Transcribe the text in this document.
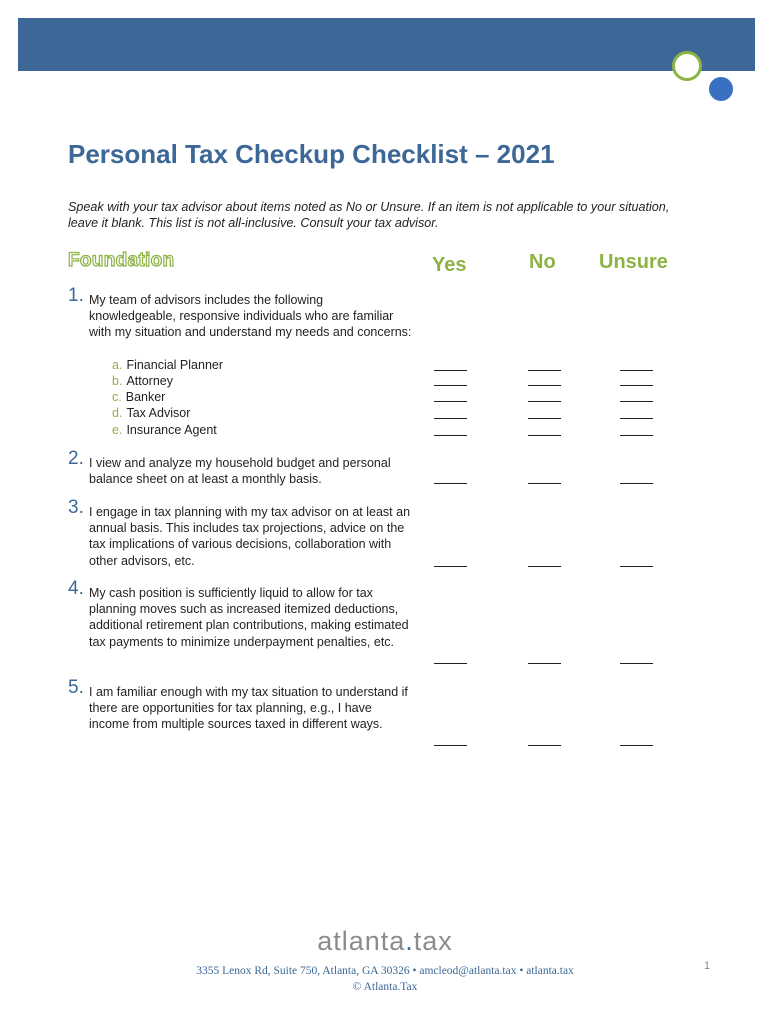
Personal Tax Checkup Checklist – 2021
Speak with your tax advisor about items noted as No or Unsure. If an item is not applicable to your situation, leave it blank. This list is not all-inclusive. Consult your tax advisor.
Foundation	Yes	No Unsure
1. My team of advisors includes the following knowledgeable, responsive individuals who are familiar with my situation and understand my needs and concerns:
a. Financial Planner
b. Attorney
c. Banker
d. Tax Advisor
e. Insurance Agent
2. I view and analyze my household budget and personal balance sheet on at least a monthly basis.
3. I engage in tax planning with my tax advisor on at least an annual basis. This includes tax projections, advice on the tax implications of various decisions, collaboration with other advisors, etc.
4. My cash position is sufficiently liquid to allow for tax planning moves such as increased itemized deductions, additional retirement plan contributions, making estimated tax payments to minimize underpayment penalties, etc.
5. I am familiar enough with my tax situation to understand if there are opportunities for tax planning, e.g., I have income from multiple sources taxed in different ways.
atlanta.tax
3355 Lenox Rd, Suite 750, Atlanta, GA 30326 • amcleod@atlanta.tax • atlanta.tax
© Atlanta.Tax
1
